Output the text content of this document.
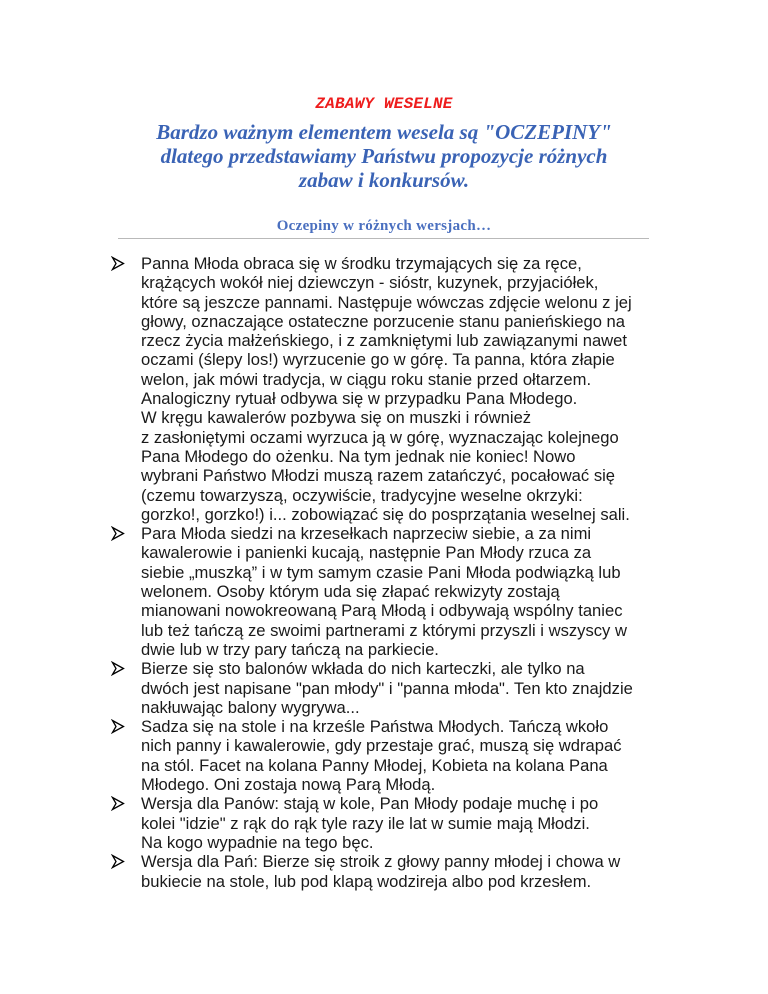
ZABAWY WESELNE
Bardzo ważnym elementem wesela są "OCZEPINY"
dlatego przedstawiamy Państwu propozycje różnych
zabaw i konkursów.
Oczepiny w różnych wersjach…
Panna Młoda obraca się w środku trzymających się za ręce,
krążących wokół niej dziewczyn - sióstr, kuzynek, przyjaciółek,
które są jeszcze pannami. Następuje wówczas zdjęcie welonu z jej
głowy, oznaczające ostateczne porzucenie stanu panieńskiego na
rzecz życia małżeńskiego, i z zamkniętymi lub zawiązanymi nawet
oczami (ślepy los!) wyrzucenie go w górę. Ta panna, która złapie
welon, jak mówi tradycja, w ciągu roku stanie przed ołtarzem.
Analogiczny rytuał odbywa się w przypadku Pana Młodego.
W kręgu kawalerów pozbywa się on muszki i również
z zasłoniętymi oczami wyrzuca ją w górę, wyznaczając kolejnego
Pana Młodego do ożenku. Na tym jednak nie koniec! Nowo
wybrani Państwo Młodzi muszą razem zatańczyć, pocałować się
(czemu towarzyszą, oczywiście, tradycyjne weselne okrzyki:
gorzko!, gorzko!) i... zobowiązać się do posprzątania weselnej sali.
Para Młoda siedzi na krzesełkach naprzeciw siebie, a za nimi
kawalerowie i panienki kucają, następnie Pan Młody rzuca za
siebie „muszką” i w tym samym czasie Pani Młoda podwiązką lub
welonem. Osoby którym uda się złapać rekwizyty zostają
mianowani nowokreowaną Parą Młodą i odbywają wspólny taniec
lub też tańczą ze swoimi partnerami z którymi przyszli i wszyscy w
dwie lub w trzy pary tańczą na parkiecie.
Bierze się sto balonów wkłada do nich karteczki, ale tylko na
dwóch jest napisane "pan młody" i "panna młoda". Ten kto znajdzie
nakłuwając balony wygrywa...
Sadza się na stole i na krześle Państwa Młodych. Tańczą wkoło
nich panny i kawalerowie, gdy przestaje grać, muszą się wdrapać
na stól. Facet na kolana Panny Młodej, Kobieta na kolana Pana
Młodego. Oni zostaja nową Parą Młodą.
Wersja dla Panów: stają w kole, Pan Młody podaje muchę i po
kolei "idzie" z rąk do rąk tyle razy ile lat w sumie mają Młodzi.
Na kogo wypadnie na tego bęc.
Wersja dla Pań: Bierze się stroik z głowy panny młodej i chowa w
bukiecie na stole, lub pod klapą wodzireja albo pod krzesłem.
